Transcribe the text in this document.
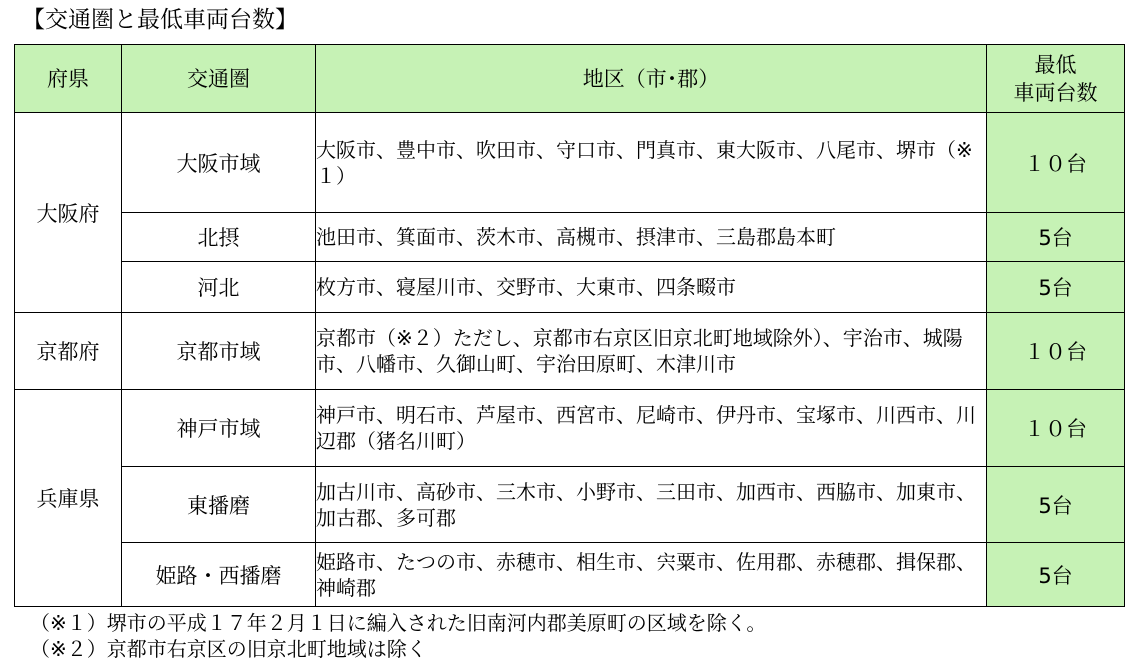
【交通圏と最低車両台数】
府県	交通圏	地区（市･郡）	最低
車両台数

大阪府	大阪市域	大阪市、豊中市、吹田市、守口市、門真市、東大阪市、八尾市、堺市（※１）	１０台
	北摂	池田市、箕面市、茨木市、高槻市、摂津市、三島郡島本町	5台
	河北	枚方市、寝屋川市、交野市、大東市、四条畷市	5台
京都府	京都市域	京都市（※２）ただし、京都市右京区旧京北町地域除外）、宇治市、城陽市、八幡市、久御山町、宇治田原町、木津川市	１０台
兵庫県	神戸市域	神戸市、明石市、芦屋市、西宮市、尼崎市、伊丹市、宝塚市、川西市、川辺郡（猪名川町）	１０台
	東播磨	加古川市、高砂市、三木市、小野市、三田市、加西市、西脇市、加東市、加古郡、多可郡	5台
	姫路・西播磨	姫路市、たつの市、赤穂市、相生市、宍粟市、佐用郡、赤穂郡、揖保郡、神崎郡	5台
（※１）堺市の平成１７年２月１日に編入された旧南河内郡美原町の区域を除く。
（※２）京都市右京区の旧京北町地域は除く
